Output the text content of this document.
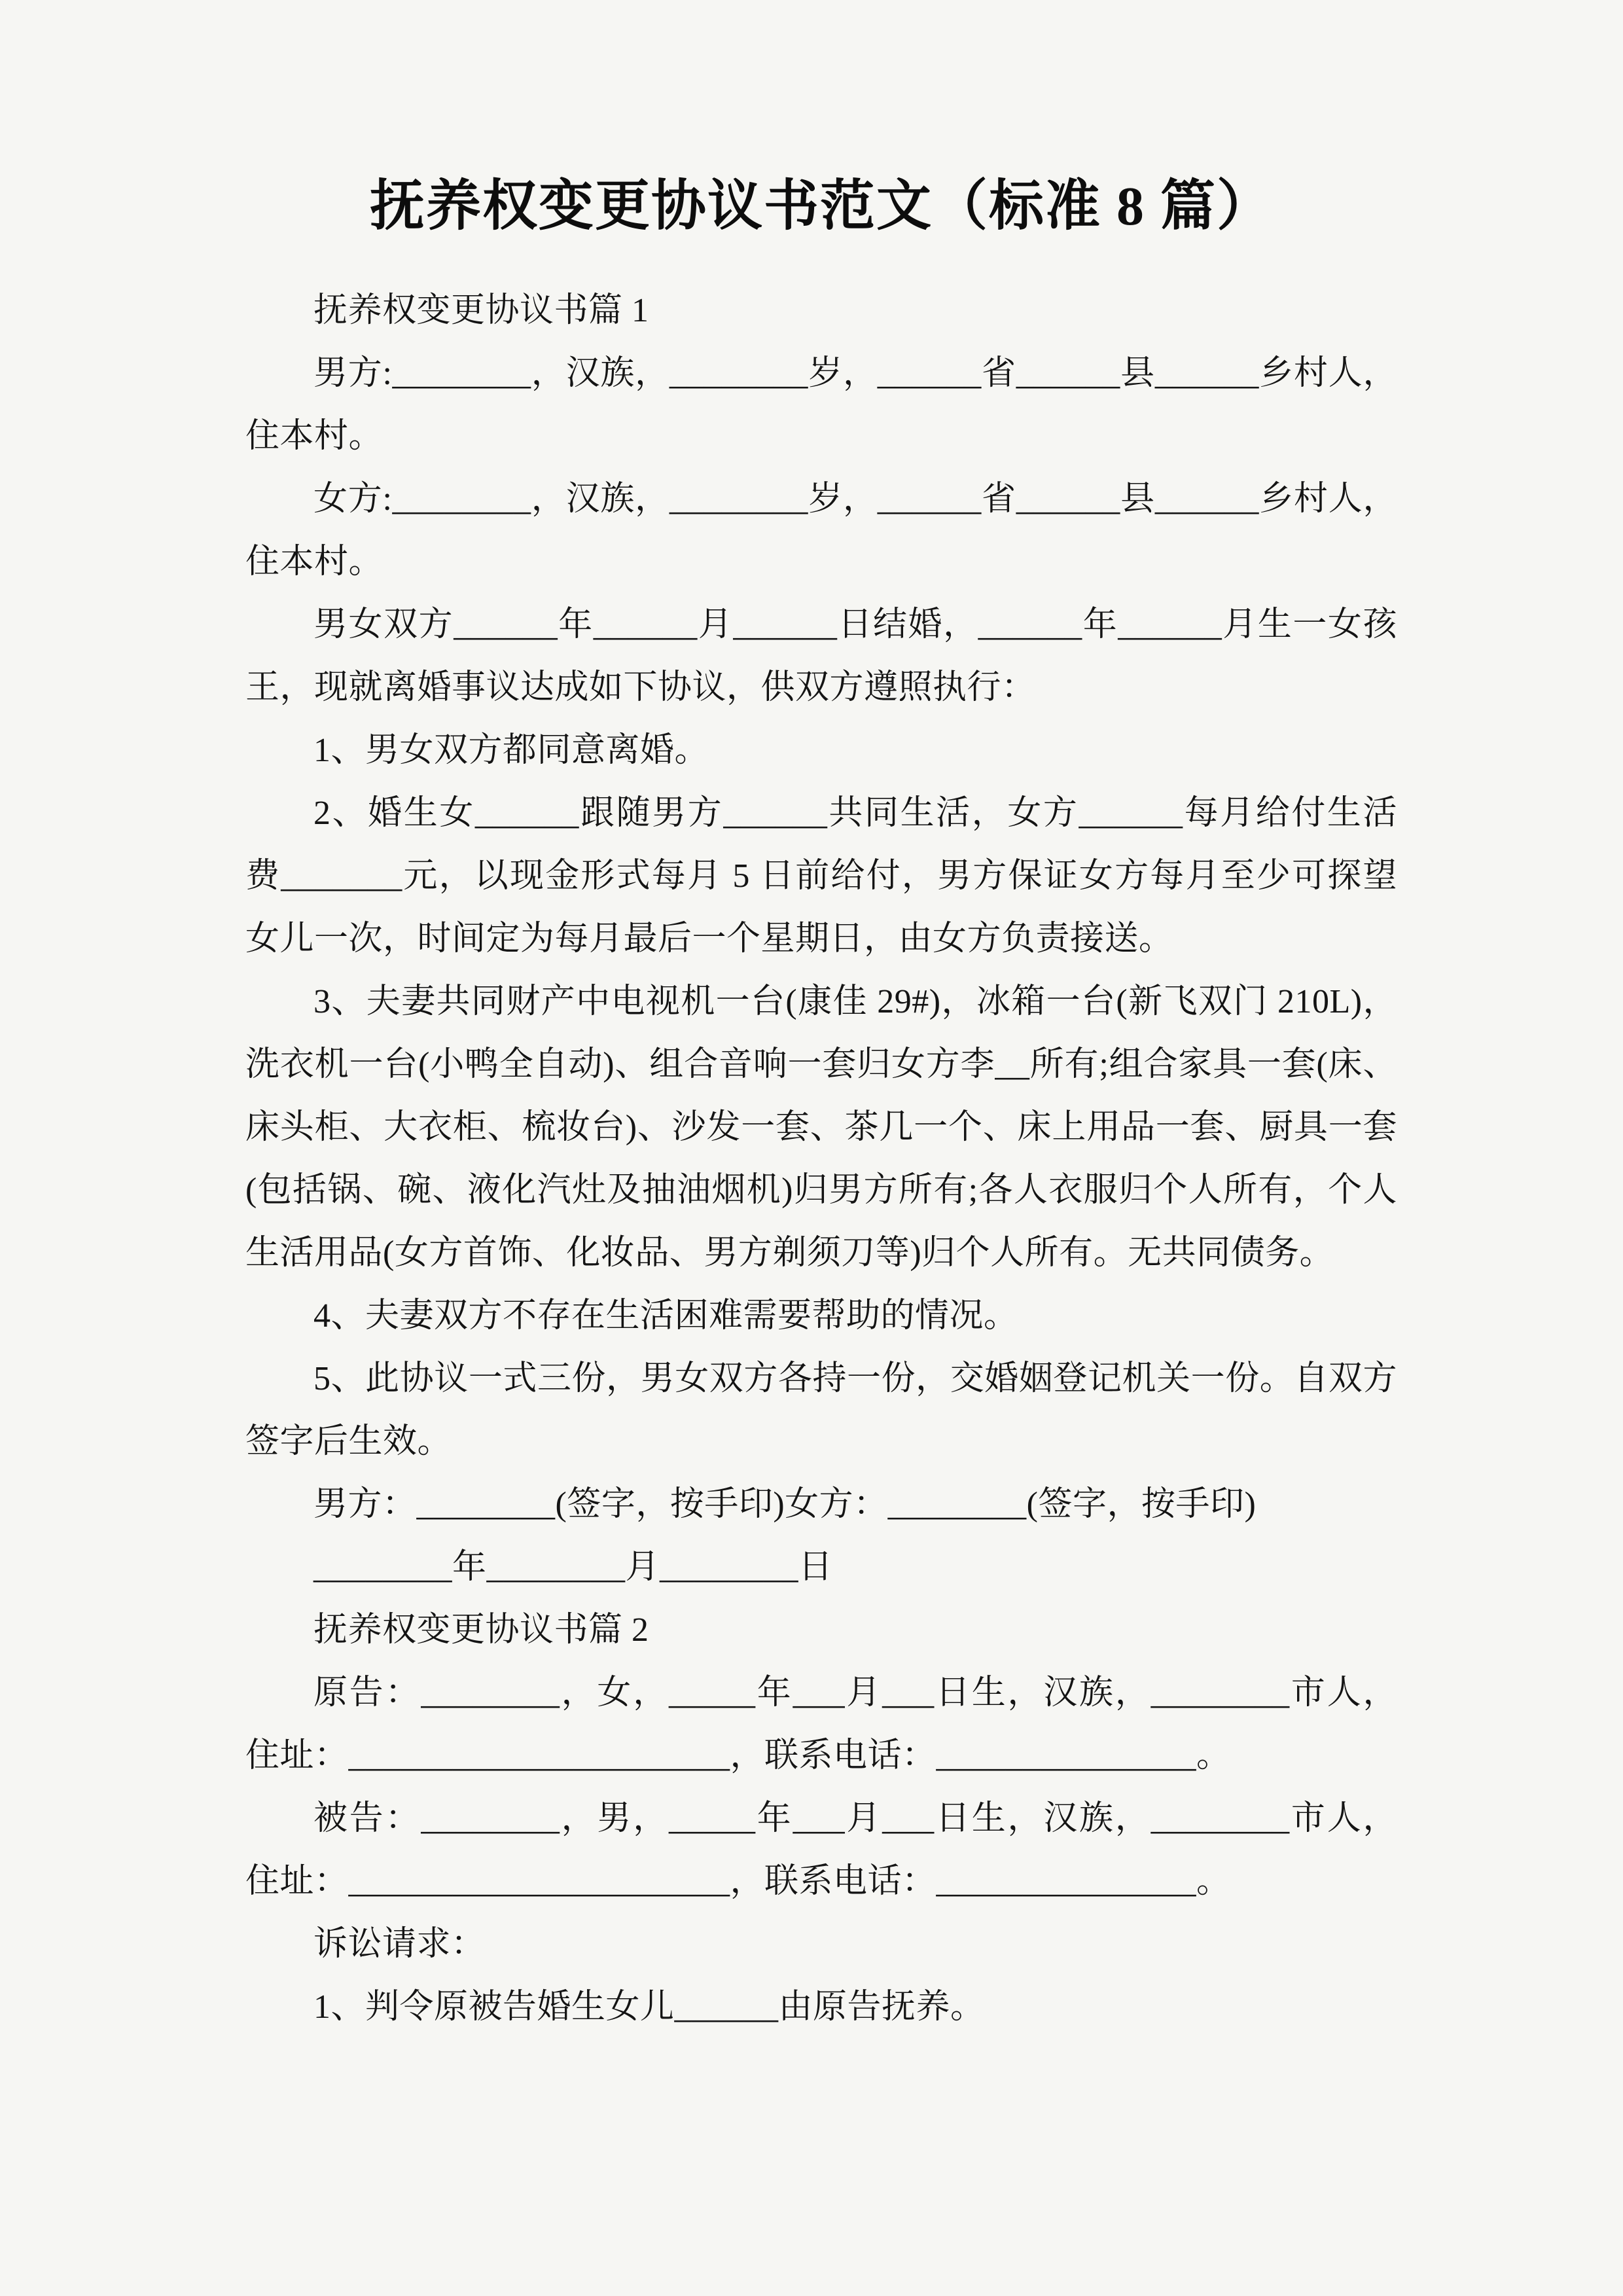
抚养权变更协议书范文（标准 8 篇）

抚养权变更协议书篇 1

男方:________，汉族，________岁，______省______县______乡村人，住本村。

女方:________，汉族，________岁，______省______县______乡村人，住本村。

男女双方______年______月______日结婚，______年______月生一女孩王，现就离婚事议达成如下协议，供双方遵照执行：

1、男女双方都同意离婚。

2、婚生女______跟随男方______共同生活，女方______每月给付生活费_______元，以现金形式每月 5 日前给付，男方保证女方每月至少可探望女儿一次，时间定为每月最后一个星期日，由女方负责接送。

3、夫妻共同财产中电视机一台(康佳 29#)，冰箱一台(新飞双门 210L)，洗衣机一台(小鸭全自动)、组合音响一套归女方李__所有;组合家具一套(床、床头柜、大衣柜、梳妆台)、沙发一套、茶几一个、床上用品一套、厨具一套(包括锅、碗、液化汽灶及抽油烟机)归男方所有;各人衣服归个人所有，个人生活用品(女方首饰、化妆品、男方剃须刀等)归个人所有。无共同债务。

4、夫妻双方不存在生活困难需要帮助的情况。

5、此协议一式三份，男女双方各持一份，交婚姻登记机关一份。自双方签字后生效。

男方：________(签字，按手印)女方：________(签字，按手印)

________年________月________日

抚养权变更协议书篇 2

原告：________，女，_____年___月___日生，汉族，________市人，住址：______________________，联系电话：_______________。

被告：________，男，_____年___月___日生，汉族，________市人，住址：______________________，联系电话：_______________。

诉讼请求：

1、判令原被告婚生女儿______由原告抚养。
